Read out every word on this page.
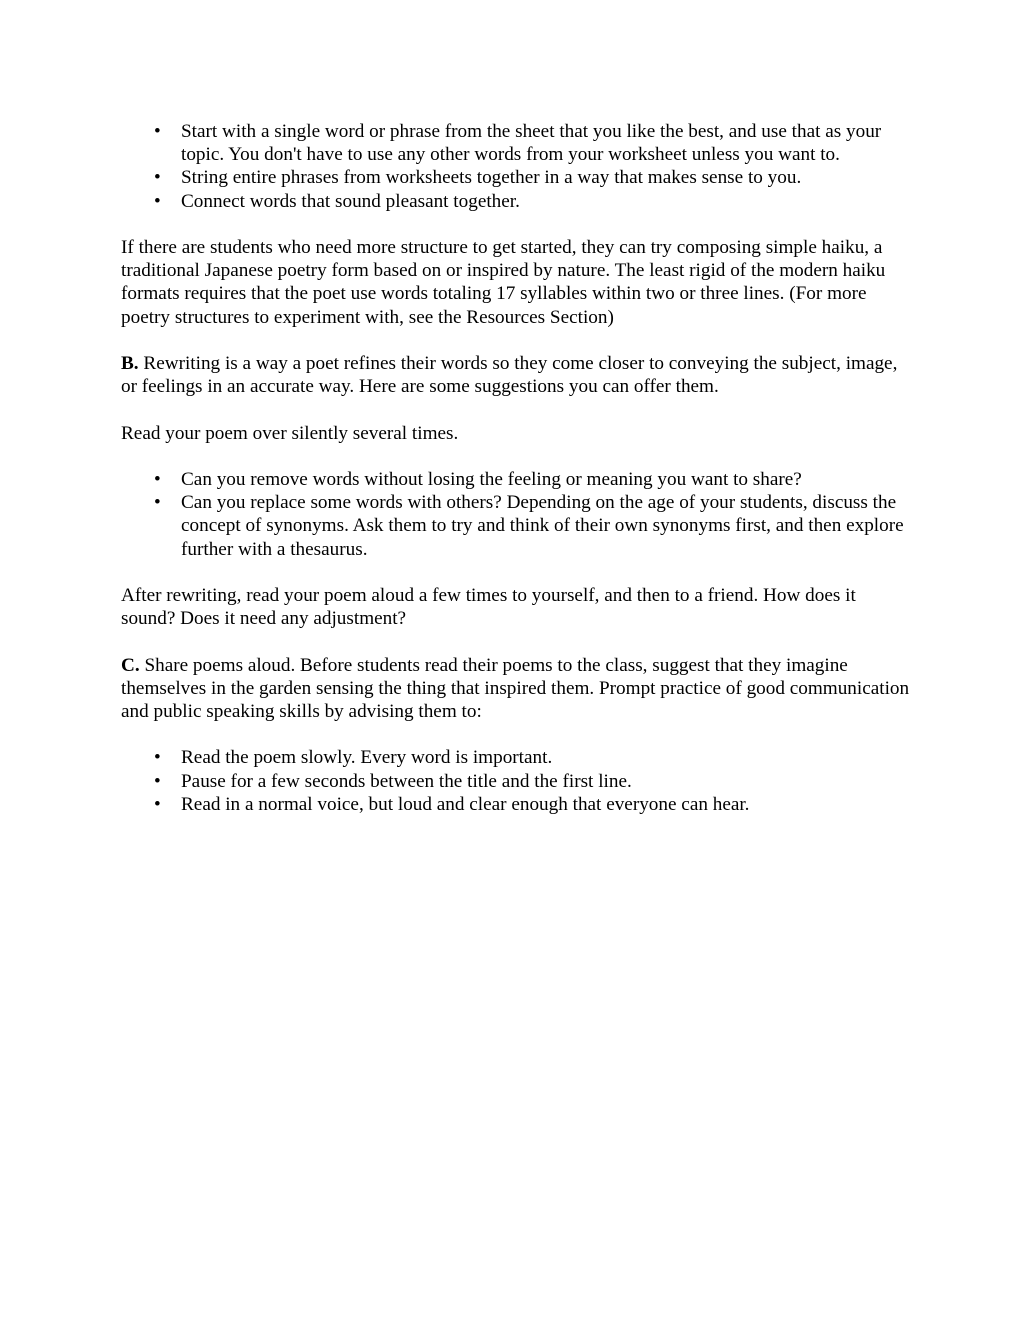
• Start with a single word or phrase from the sheet that you like the best, and use that as your topic. You don't have to use any other words from your worksheet unless you want to.
• String entire phrases from worksheets together in a way that makes sense to you.
• Connect words that sound pleasant together.

If there are students who need more structure to get started, they can try composing simple haiku, a traditional Japanese poetry form based on or inspired by nature. The least rigid of the modern haiku formats requires that the poet use words totaling 17 syllables within two or three lines. (For more poetry structures to experiment with, see the Resources Section)

B. Rewriting is a way a poet refines their words so they come closer to conveying the subject, image, or feelings in an accurate way. Here are some suggestions you can offer them.

Read your poem over silently several times.

• Can you remove words without losing the feeling or meaning you want to share?
• Can you replace some words with others? Depending on the age of your students, discuss the concept of synonyms. Ask them to try and think of their own synonyms first, and then explore further with a thesaurus.

After rewriting, read your poem aloud a few times to yourself, and then to a friend. How does it sound? Does it need any adjustment?

C. Share poems aloud. Before students read their poems to the class, suggest that they imagine themselves in the garden sensing the thing that inspired them. Prompt practice of good communication and public speaking skills by advising them to:

• Read the poem slowly. Every word is important.
• Pause for a few seconds between the title and the first line.
• Read in a normal voice, but loud and clear enough that everyone can hear.
